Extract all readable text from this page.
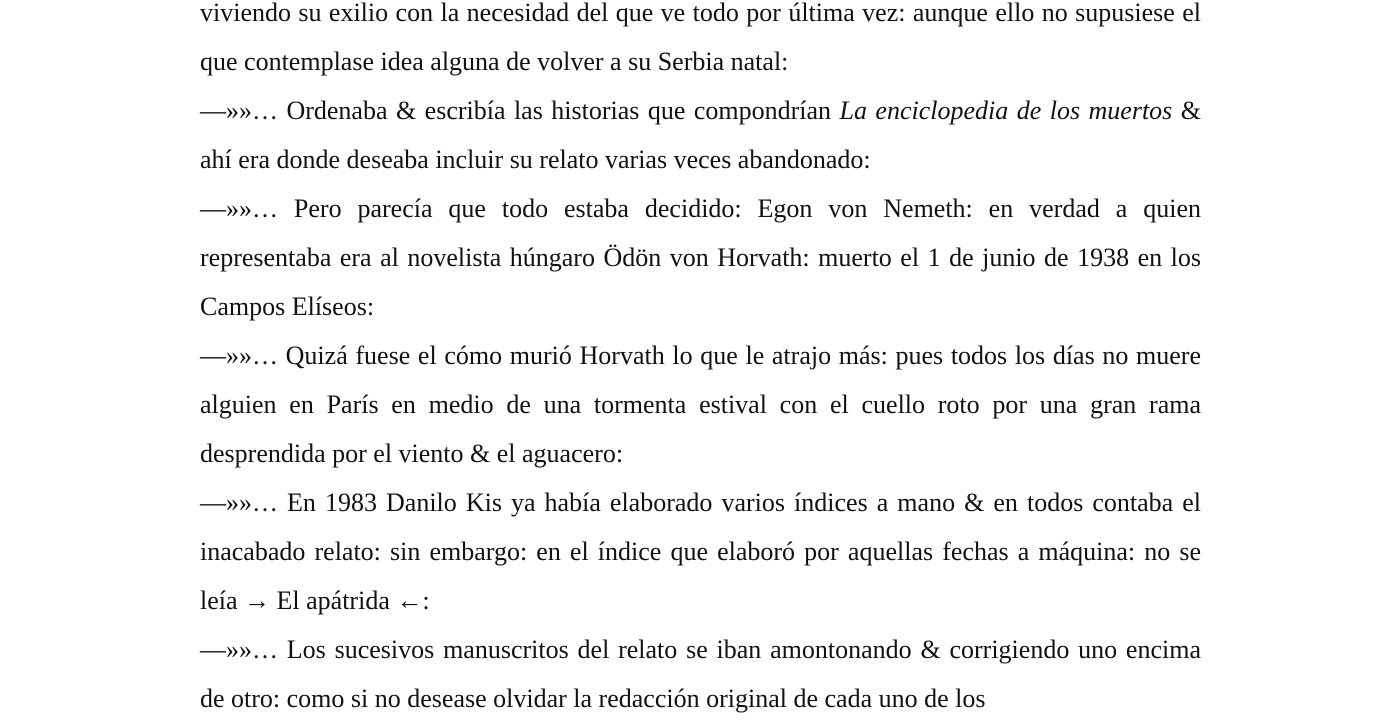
viviendo su exilio con la necesidad del que ve todo por última vez: aunque ello no supusiese el que contemplase idea alguna de volver a su Serbia natal:

—»»… Ordenaba & escribía las historias que compondrían La enciclopedia de los muertos & ahí era donde deseaba incluir su relato varias veces abandonado:

—»»… Pero parecía que todo estaba decidido: Egon von Nemeth: en verdad a quien representaba era al novelista húngaro Ödön von Horvath: muerto el 1 de junio de 1938 en los Campos Elíseos:

—»»… Quizá fuese el cómo murió Horvath lo que le atrajo más: pues todos los días no muere alguien en París en medio de una tormenta estival con el cuello roto por una gran rama desprendida por el viento & el aguacero:

—»»… En 1983 Danilo Kis ya había elaborado varios índices a mano & en todos contaba el inacabado relato: sin embargo: en el índice que elaboró por aquellas fechas a máquina: no se leía → El apátrida ←:

—»»… Los sucesivos manuscritos del relato se iban amontonando & corrigiendo uno encima de otro: como si no desease olvidar la redacción original de cada uno de los
